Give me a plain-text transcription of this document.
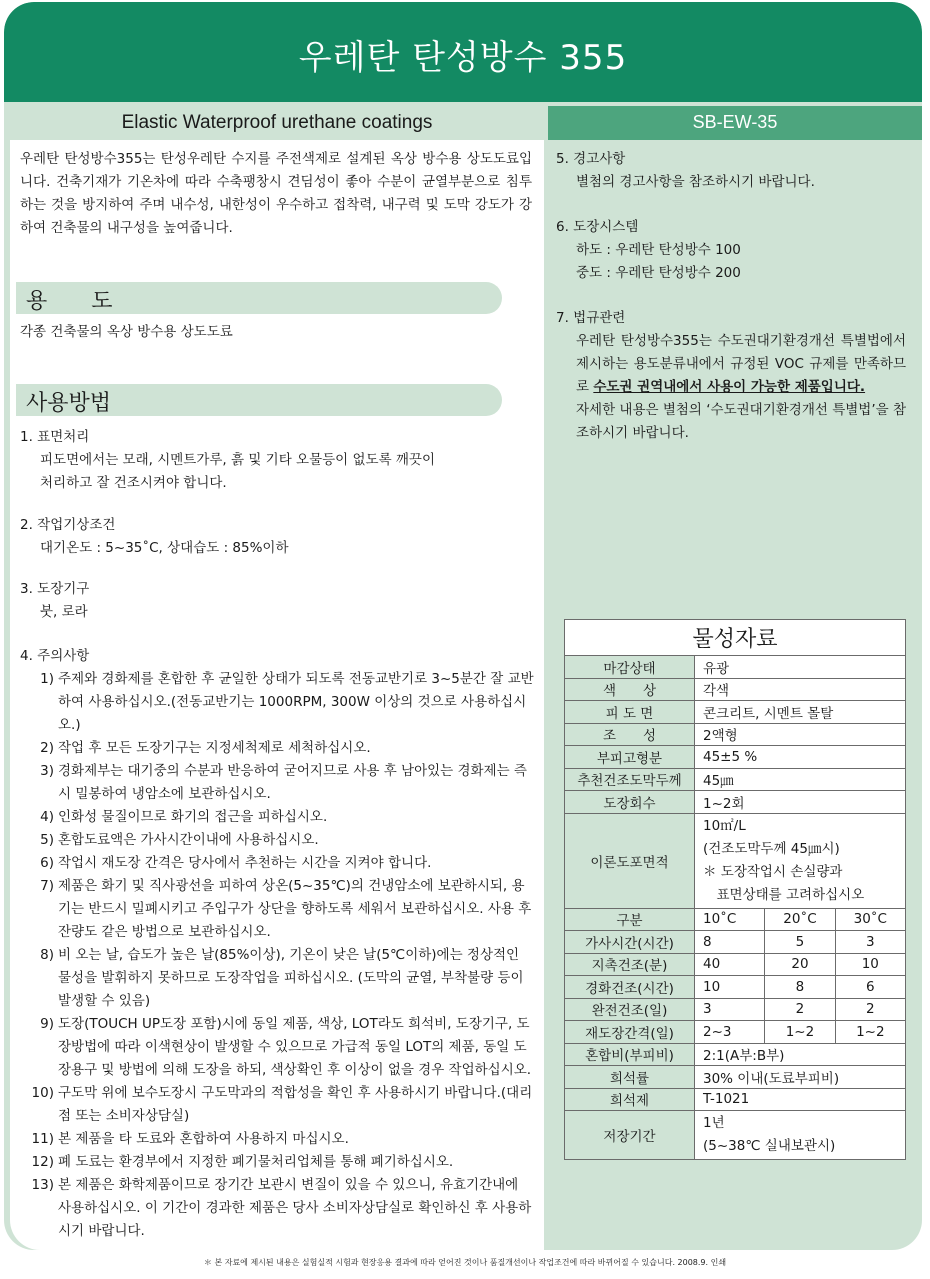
우레탄 탄성방수 355
Elastic Waterproof urethane coatings	SB-EW-35

우레탄 탄성방수355는 탄성우레탄 수지를 주전색제로 설계된 옥상 방수용 상도도료입니다. 건축기재가 기온차에 따라 수축팽창시 견딤성이 좋아 수분이 균열부분으로 침투하는 것을 방지하여 주며 내수성, 내한성이 우수하고 접착력, 내구력 및 도막 강도가 강하여 건축물의 내구성을 높여줍니다.

용　　도
각종 건축물의 옥상 방수용 상도도료
사용방법
1. 표면처리
피도면에서는 모래, 시멘트가루, 흙 및 기타 오물등이 없도록 깨끗이
처리하고 잘 건조시켜야 합니다.
2. 작업기상조건
대기온도 : 5~35˚C, 상대습도 : 85%이하
3. 도장기구
붓, 로라
4. 주의사항
1) 주제와 경화제를 혼합한 후 균일한 상태가 되도록 전동교반기로 3~5분간 잘 교반하여 사용하십시오.(전동교반기는 1000RPM, 300W 이상의 것으로 사용하십시오.)
2) 작업 후 모든 도장기구는 지정세척제로 세척하십시오.
3) 경화제부는 대기중의 수분과 반응하여 굳어지므로 사용 후 남아있는 경화제는 즉시 밀봉하여 냉암소에 보관하십시오.
4) 인화성 물질이므로 화기의 접근을 피하십시오.
5) 혼합도료액은 가사시간이내에 사용하십시오.
6) 작업시 재도장 간격은 당사에서 추천하는 시간을 지켜야 합니다.
7) 제품은 화기 및 직사광선을 피하여 상온(5~35℃)의 건냉암소에 보관하시되, 용기는 반드시 밀폐시키고 주입구가 상단을 향하도록 세워서 보관하십시오. 사용 후 잔량도 같은 방법으로 보관하십시오.
8) 비 오는 날, 습도가 높은 날(85%이상), 기온이 낮은 날(5℃이하)에는 정상적인 물성을 발휘하지 못하므로 도장작업을 피하십시오. (도막의 균열, 부착불량 등이 발생할 수 있음)
9) 도장(TOUCH UP도장 포함)시에 동일 제품, 색상, LOT라도 희석비, 도장기구, 도장방법에 따라 이색현상이 발생할 수 있으므로 가급적 동일 LOT의 제품, 동일 도장용구 및 방법에 의해 도장을 하되, 색상확인 후 이상이 없을 경우 작업하십시오.
10) 구도막 위에 보수도장시 구도막과의 적합성을 확인 후 사용하시기 바랍니다.(대리점 또는 소비자상담실)
11) 본 제품을 타 도료와 혼합하여 사용하지 마십시오.
12) 폐 도료는 환경부에서 지정한 폐기물처리업체를 통해 폐기하십시오.
13) 본 제품은 화학제품이므로 장기간 보관시 변질이 있을 수 있으니, 유효기간내에 사용하십시오. 이 기간이 경과한 제품은 당사 소비자상담실로 확인하신 후 사용하시기 바랍니다.
5. 경고사항
별첨의 경고사항을 참조하시기 바랍니다.
6. 도장시스템
하도 : 우레탄 탄성방수 100
중도 : 우레탄 탄성방수 200
7. 법규관련
우레탄 탄성방수355는 수도권대기환경개선 특별법에서 제시하는 용도분류내에서 규정된 VOC 규제를 만족하므로 수도권 권역내에서 사용이 가능한 제품입니다.
자세한 내용은 별첨의 ‘수도권대기환경개선 특별법’을 참조하시기 바랍니다.
물성자료			
마감상태	유광		
색　　상	각색		
피 도 면	콘크리트, 시멘트 몰탈		
조　　성	2액형		
부피고형분	45±5 %		
추천건조도막두께	45㎛		
도장회수	1~2회		
이론도포면적	10㎡/L
(건조도막두께 45㎛시)
＊ 도장작업시 손실량과
　표면상태를 고려하십시오		

구분	10˚C	20˚C	30˚C
가사시간(시간)	8	5	3
지촉건조(분)	40	20	10
경화건조(시간)	10	8	6
완전건조(일)	3	2	2
재도장간격(일)	2~3	1~2	1~2
혼합비(부피비)	2:1(A부:B부)		
희석률	30% 이내(도료부피비)		
희석제	T-1021		
저장기간	1년
(5~38℃ 실내보관시)		
＊ 본 자료에 제시된 내용은 실험실적 시험과 현장응용 결과에 따라 얻어진 것이나 품질개선이나 작업조건에 따라 바뀌어질 수 있습니다. 2008.9. 인쇄
